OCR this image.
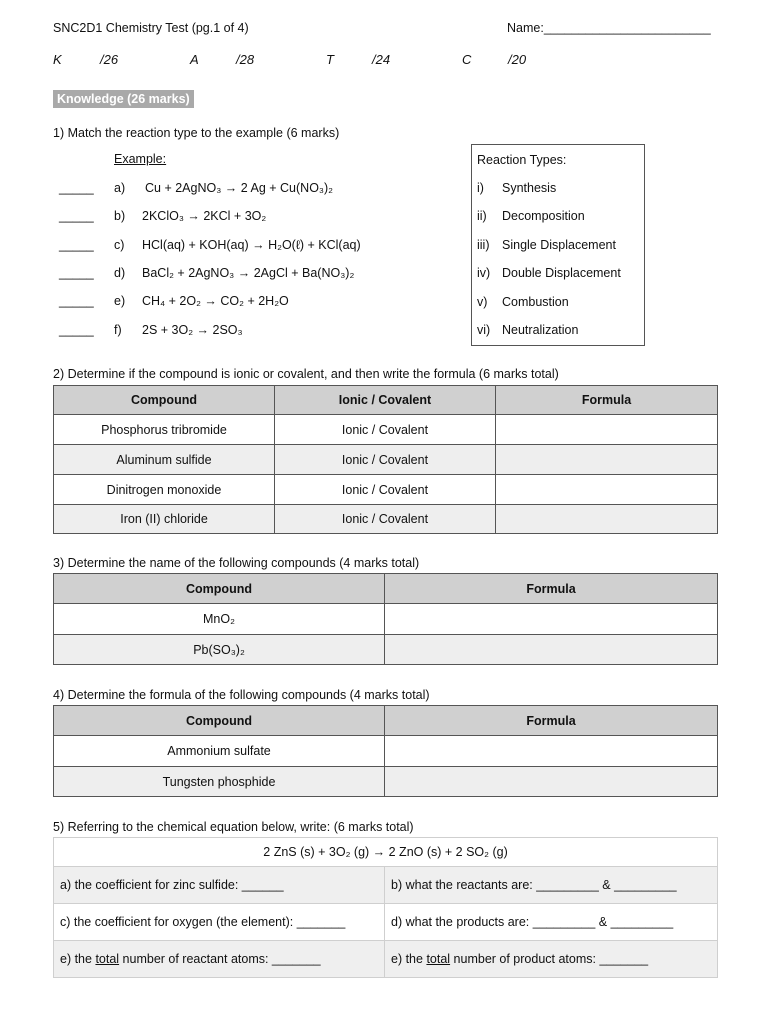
SNC2D1 Chemistry Test (pg.1 of 4)	Name:________________________
K	/26	A	/28	T	/24	C	/20
Knowledge (26 marks)
1) Match the reaction type to the example (6 marks)
Example:
_____ a) Cu + 2AgNO₃ → 2 Ag + Cu(NO₃)₂
_____ b) 2KClO₃ → 2KCl + 3O₂
_____ c) HCl(aq) + KOH(aq) → H₂O(ℓ) + KCl(aq)
_____ d) BaCl₂ + 2AgNO₃ → 2AgCl + Ba(NO₃)₂
_____ e) CH₄ + 2O₂ → CO₂ + 2H₂O
_____ f) 2S + 3O₂ → 2SO₃
Reaction Types:
i) Synthesis
ii) Decomposition
iii) Single Displacement
iv) Double Displacement
v) Combustion
vi) Neutralization
2) Determine if the compound is ionic or covalent, and then write the formula (6 marks total)
Compound	Ionic / Covalent	Formula
Phosphorus tribromide	Ionic / Covalent	
Aluminum sulfide	Ionic / Covalent	
Dinitrogen monoxide	Ionic / Covalent	
Iron (II) chloride	Ionic / Covalent	
3) Determine the name of the following compounds (4 marks total)
Compound	Formula
MnO₂	
Pb(SO₃)₂	
4) Determine the formula of the following compounds (4 marks total)
Compound	Formula
Ammonium sulfate	
Tungsten phosphide	
5) Referring to the chemical equation below, write: (6 marks total)
2 ZnS (s) + 3O₂ (g) → 2 ZnO (s) + 2 SO₂ (g)	
a) the coefficient for zinc sulfide: ______	b) what the reactants are: _________ & _________
c) the coefficient for oxygen (the element): _______	d) what the products are: _________ & _________
e) the total number of reactant atoms: _______	e) the total number of product atoms: _______
